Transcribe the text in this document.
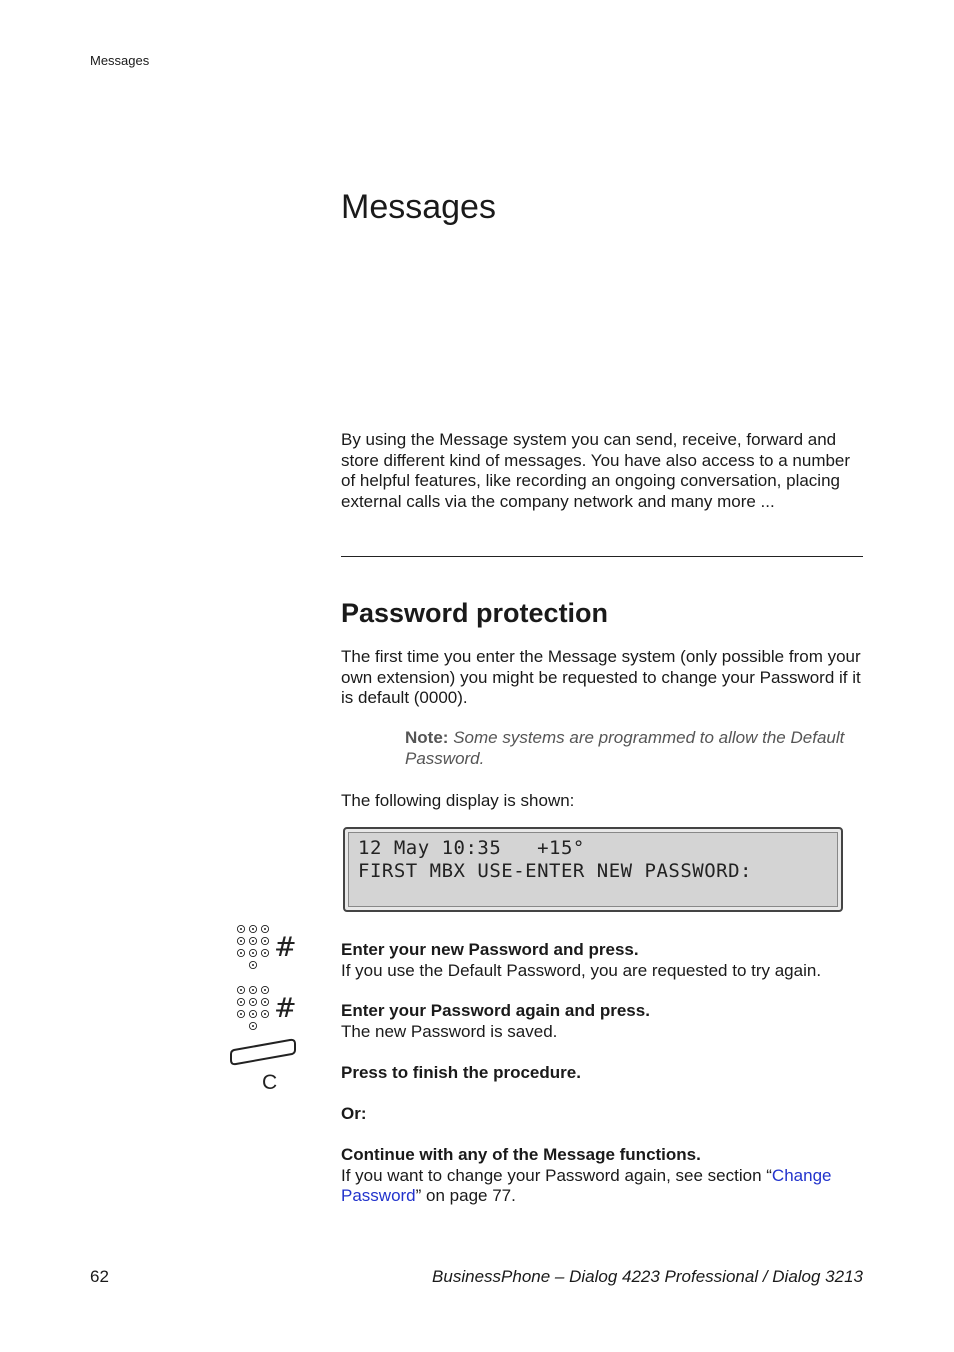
Messages
Messages
By using the Message system you can send, receive, forward and store different kind of messages. You have also access to a number of helpful features, like recording an ongoing conversation, placing external calls via the company network and many more ...
Password protection
The first time you enter the Message system (only possible from your own extension) you might be requested to change your Password if it is default (0000).
Note: Some systems are programmed to allow the Default Password.
The following display is shown:
12 May 10:35   +15°
FIRST MBX USE-ENTER NEW PASSWORD:
#	Enter your new Password and press.
If you use the Default Password, you are requested to try again.
#	Enter your Password again and press.
The new Password is saved.
C	Press to finish the procedure.
Or:
Continue with any of the Message functions.
If you want to change your Password again, see section “Change Password” on page 77.
62	BusinessPhone – Dialog 4223 Professional / Dialog 3213
